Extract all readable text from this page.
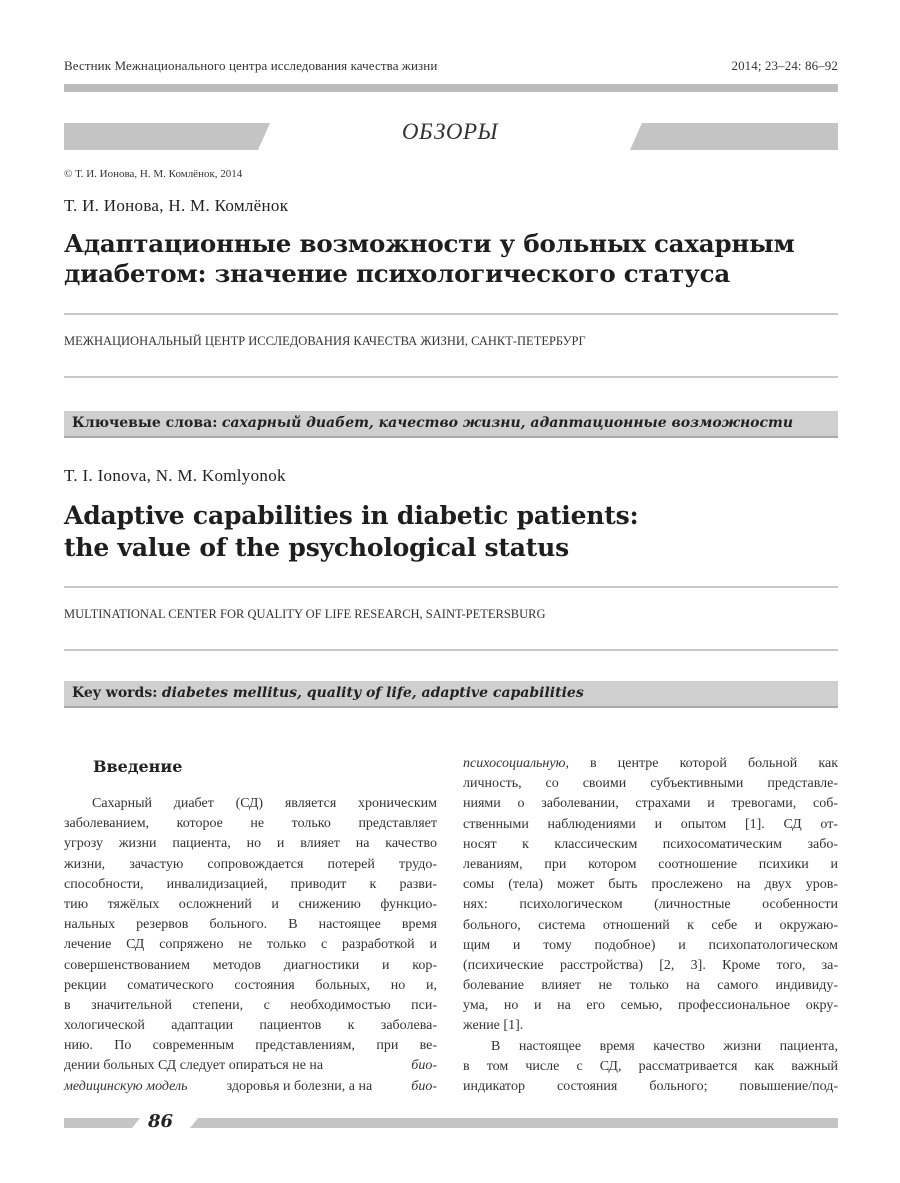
Вестник Межнационального центра исследования качества жизни	2014; 23–24: 86–92
ОБЗОРЫ
© Т. И. Ионова, Н. М. Комлёнок, 2014
Т. И. Ионова, Н. М. Комлёнок
Адаптационные возможности у больных сахарным
диабетом: значение психологического статуса
МЕЖНАЦИОНАЛЬНЫЙ ЦЕНТР ИССЛЕДОВАНИЯ КАЧЕСТВА ЖИЗНИ, САНКТ-ПЕТЕРБУРГ
Ключевые слова: сахарный диабет, качество жизни, адаптационные возможности
T. I. Ionova, N. M. Komlyonok
Adaptive capabilities in diabetic patients:
the value of the psychological status
MULTINATIONAL CENTER FOR QUALITY OF LIFE RESEARCH, SAINT-PETERSBURG
Key words: diabetes mellitus, quality of life, adaptive capabilities
Введение
Сахарный диабет (СД) является хроническим
заболеванием, которое не только представляет
угрозу жизни пациента, но и влияет на качество
жизни, зачастую сопровождается потерей трудо-
способности, инвалидизацией, приводит к разви-
тию тяжёлых осложнений и снижению функцио-
нальных резервов больного. В настоящее время
лечение СД сопряжено не только с разработкой и
совершенствованием методов диагностики и кор-
рекции соматического состояния больных, но и,
в значительной степени, с необходимостью пси-
хологической адаптации пациентов к заболева-
нию. По современным представлениям, при ве-
дении больных СД следует опираться не на	био-
медицинскую модель	здоровья и болезни, а на	био-
психосоциальную, в центре которой больной как
личность, со своими субъективными представле-
ниями о заболевании, страхами и тревогами, соб-
ственными наблюдениями и опытом [1]. СД от-
носят к классическим психосоматическим забо-
леваниям, при котором соотношение психики и
сомы (тела) может быть прослежено на двух уров-
нях: психологическом (личностные особенности
больного, система отношений к себе и окружаю-
щим и тому подобное) и психопатологическом
(психические расстройства) [2, 3]. Кроме того, за-
болевание влияет не только на самого индивиду-
ума, но и на его семью, профессиональное окру-
жение [1].
В настоящее время качество жизни пациента,
в том числе с СД, рассматривается как важный
индикатор состояния больного; повышение/под-
86
